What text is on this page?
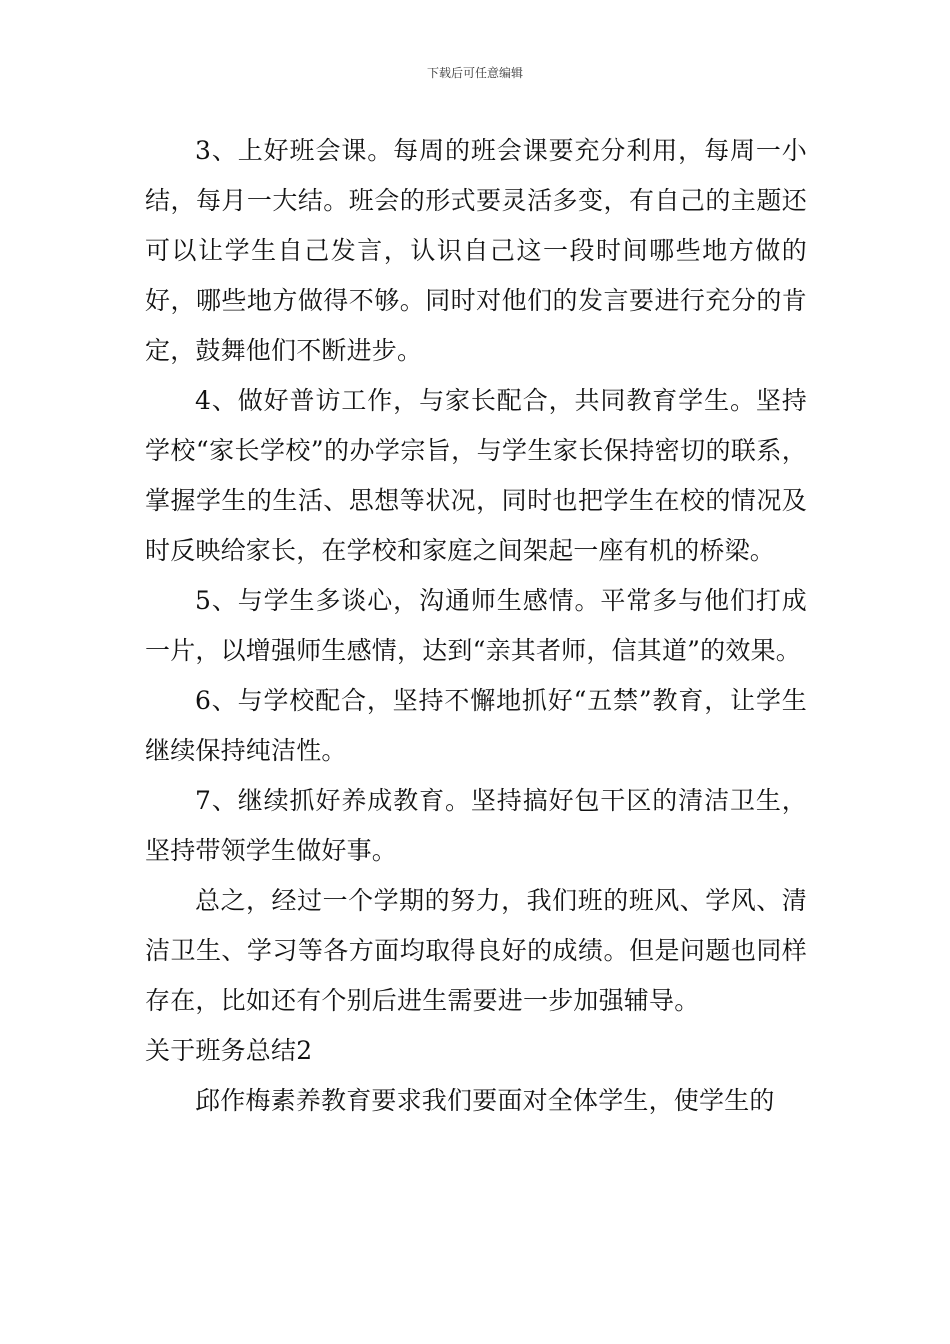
下载后可任意编辑

3、上好班会课。每周的班会课要充分利用，每周一小结，每月一大结。班会的形式要灵活多变，有自己的主题还可以让学生自己发言，认识自己这一段时间哪些地方做的好，哪些地方做得不够。同时对他们的发言要进行充分的肯定，鼓舞他们不断进步。

4、做好普访工作，与家长配合，共同教育学生。坚持学校“家长学校”的办学宗旨，与学生家长保持密切的联系，掌握学生的生活、思想等状况，同时也把学生在校的情况及时反映给家长，在学校和家庭之间架起一座有机的桥梁。

5、与学生多谈心，沟通师生感情。平常多与他们打成一片，以增强师生感情，达到“亲其者师，信其道”的效果。

6、与学校配合，坚持不懈地抓好“五禁”教育，让学生继续保持纯洁性。

7、继续抓好养成教育。坚持搞好包干区的清洁卫生，坚持带领学生做好事。

总之，经过一个学期的努力，我们班的班风、学风、清洁卫生、学习等各方面均取得良好的成绩。但是问题也同样存在，比如还有个别后进生需要进一步加强辅导。

关于班务总结2

邱作梅素养教育要求我们要面对全体学生，使学生的
